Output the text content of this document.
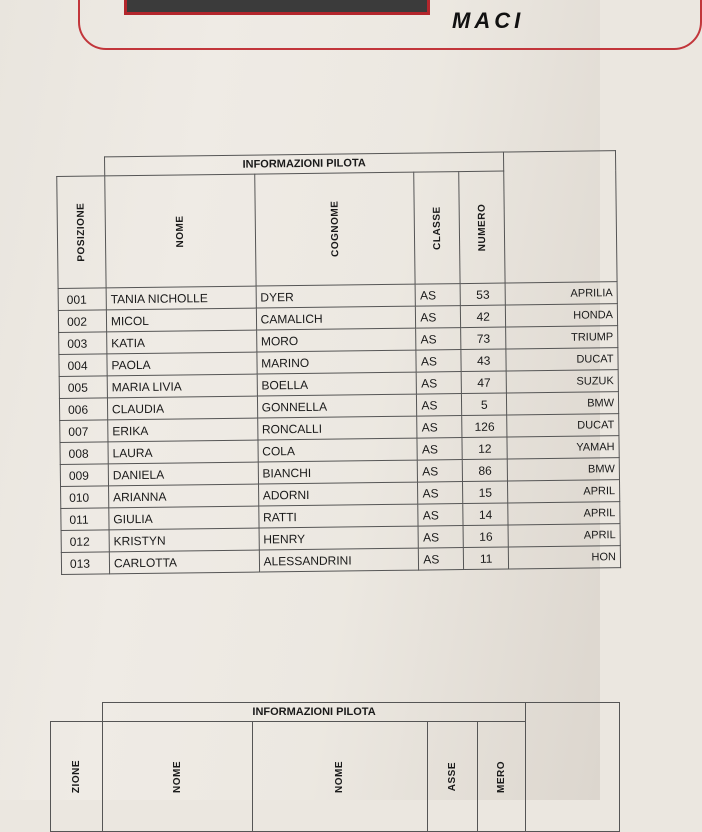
MACI
	INFORMAZIONI PILOTA				

POSIZIONE	NOME	COGNOME	CLASSE	NUMERO	

001	TANIA NICHOLLE	DYER	AS	53	APRILIA
002	MICOL	CAMALICH	AS	42	HONDA
003	KATIA	MORO	AS	73	TRIUMP
004	PAOLA	MARINO	AS	43	DUCAT
005	MARIA LIVIA	BOELLA	AS	47	SUZUK
006	CLAUDIA	GONNELLA	AS	5	BMW
007	ERIKA	RONCALLI	AS	126	DUCAT
008	LAURA	COLA	AS	12	YAMAH
009	DANIELA	BIANCHI	AS	86	BMW
010	ARIANNA	ADORNI	AS	15	APRIL
011	GIULIA	RATTI	AS	14	APRIL
012	KRISTYN	HENRY	AS	16	APRIL
013	CARLOTTA	ALESSANDRINI	AS	11	HON
	INFORMAZIONI PILOTA				

ZIONE	NOME	NOME	ASSE	MERO	
